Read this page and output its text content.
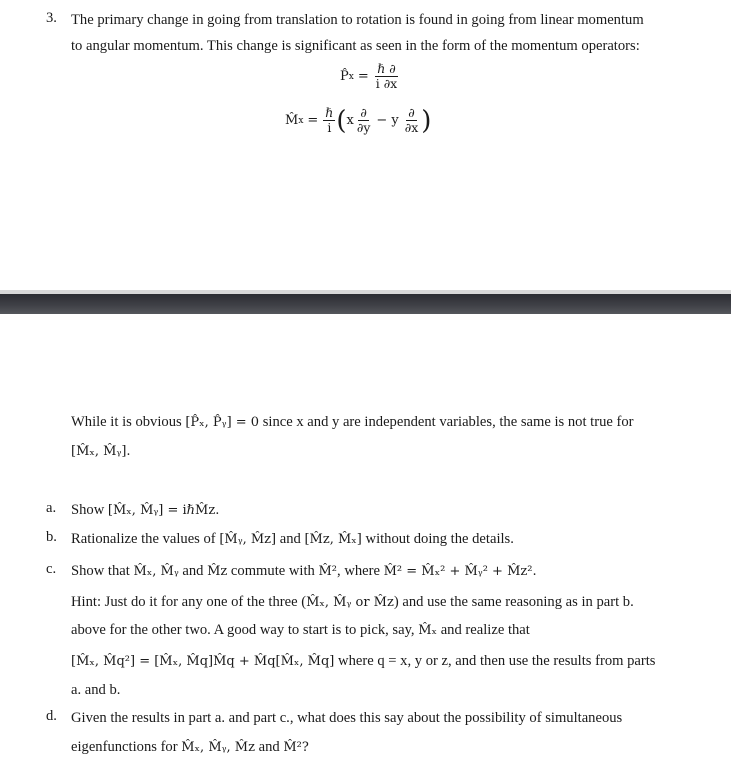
3. The primary change in going from translation to rotation is found in going from linear momentum
to angular momentum. This change is significant as seen in the form of the momentum operators:
P̂ $x = \frac{\text{ℏ ∂}}{i \partial x}$
M̂ $x = \frac{\text{ℏ}}{i}$ ( x $\frac{\partial}{\partial y} - y \frac{\partial}{\partial x}$ )
While it is obvious [P̂ₓ, P̂ᵧ] = 0 since x and y are independent variables, the same is not true for
[M̂ₓ, M̂ᵧ].
a. Show [M̂ₓ, M̂ᵧ] = iℏM̂z.
b. Rationalize the values of [M̂ᵧ, M̂z] and [M̂z, M̂ₓ] without doing the details.
c. Show that M̂ₓ, M̂ᵧ and M̂z commute with M̂², where M̂² = M̂ₓ² + M̂ᵧ² + M̂z².
Hint: Just do it for any one of the three (M̂ₓ, M̂ᵧ or M̂z) and use the same reasoning as in part b.
above for the other two. A good way to start is to pick, say, M̂ₓ and realize that
[M̂ₓ, M̂q²] = [M̂ₓ, M̂q]M̂q + M̂q[M̂ₓ, M̂q] where q = x, y or z, and then use the results from parts
a. and b.
d. Given the results in part a. and part c., what does this say about the possibility of simultaneous
eigenfunctions for M̂ₓ, M̂ᵧ, M̂z and M̂²?
